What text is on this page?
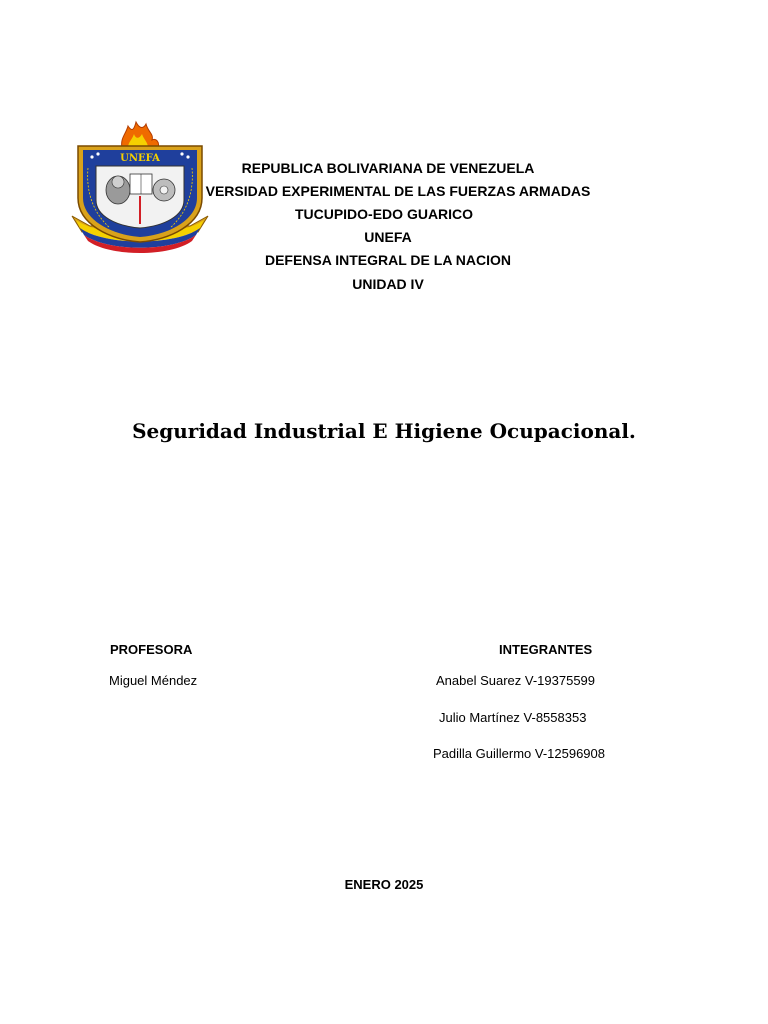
UNEFA
REPUBLICA BOLIVARIANA DE VENEZUELA
VERSIDAD EXPERIMENTAL DE LAS FUERZAS ARMADAS
TUCUPIDO-EDO GUARICO
UNEFA
DEFENSA INTEGRAL DE LA NACION
UNIDAD IV
Seguridad Industrial E Higiene Ocupacional.
PROFESORA
Miguel Méndez
INTEGRANTES
Anabel Suarez V-19375599
Julio Martínez V-8558353
Padilla Guillermo V-12596908
ENERO 2025
